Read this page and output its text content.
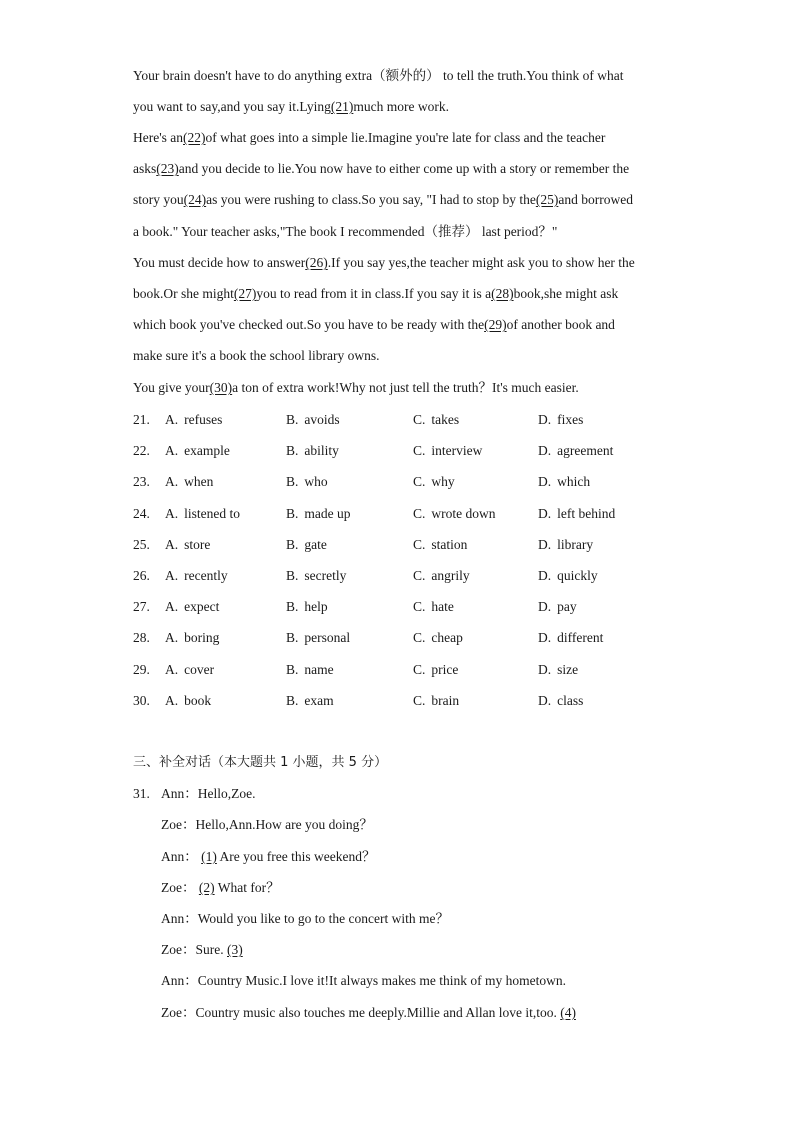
Your brain doesn't have to do anything extra（额外的） to tell the truth.You think of what
you want to say,and you say it.Lying(21)much more work.
Here's an(22)of what goes into a simple lie.Imagine you're late for class and the teacher
asks(23)and you decide to lie.You now have to either come up with a story or remember the
story you(24)as you were rushing to class.So you say, "I had to stop by the(25)and borrowed
a book." Your teacher asks,"The book I recommended（推荐） last period？"
You must decide how to answer(26).If you say yes,the teacher might ask you to show her the
book.Or she might(27)you to read from it in class.If you say it is a(28)book,she might ask
which book you've checked out.So you have to be ready with the(29)of another book and
make sure it's a book the school library owns.
You give your(30)a ton of extra work!Why not just tell the truth？It's much easier.
21. A. refuses	B. avoids	C. takes	D. fixes
22. A. example	B. ability	C. interview	D. agreement
23. A. when	B. who	C. why	D. which
24. A. listened to	B. made up	C. wrote down	D. left behind
25. A. store	B. gate	C. station	D. library
26. A. recently	B. secretly	C. angrily	D. quickly
27. A. expect	B. help	C. hate	D. pay
28. A. boring	B. personal	C. cheap	D. different
29. A. cover	B. name	C. price	D. size
30. A. book	B. exam	C. brain	D. class
三、补全对话（本大题共 1 小题，共 5 分）
31. Ann：Hello,Zoe.
Zoe：Hello,Ann.How are you doing？
Ann： (1) Are you free this weekend？
Zoe： (2) What for？
Ann：Would you like to go to the concert with me？
Zoe：Sure. (3)
Ann：Country Music.I love it!It always makes me think of my hometown.
Zoe：Country music also touches me deeply.Millie and Allan love it,too. (4)
